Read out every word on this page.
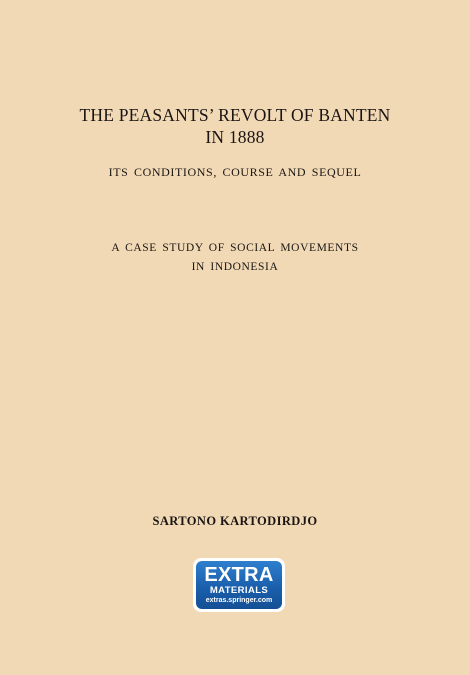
THE PEASANTS’ REVOLT OF BANTEN
IN 1888
ITS CONDITIONS, COURSE AND SEQUEL
A CASE STUDY OF SOCIAL MOVEMENTS
IN INDONESIA
SARTONO KARTODIRDJO
EXTRA
MATERIALS
extras.springer.com
